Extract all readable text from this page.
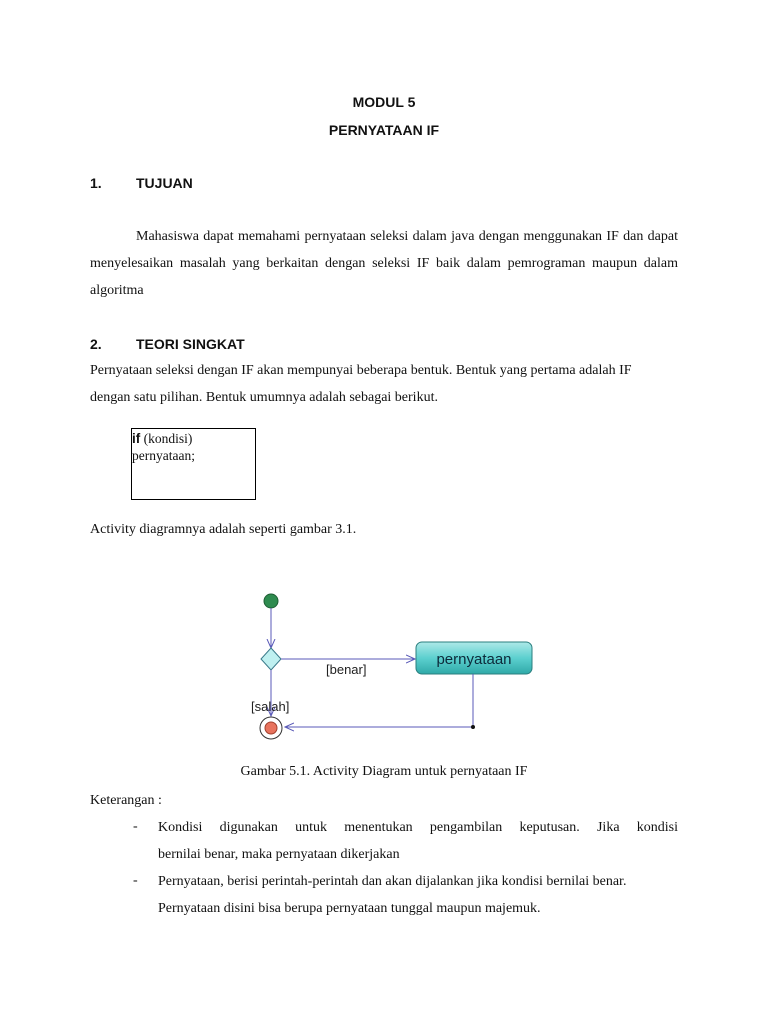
MODUL 5
PERNYATAAN IF
1. TUJUAN
Mahasiswa dapat memahami pernyataan seleksi dalam java dengan menggunakan IF dan dapat menyelesaikan masalah yang berkaitan dengan seleksi IF baik dalam pemrograman maupun dalam algoritma
2. TEORI SINGKAT
Pernyataan seleksi dengan IF akan mempunyai beberapa bentuk. Bentuk yang pertama adalah IF
dengan satu pilihan. Bentuk umumnya adalah sebagai berikut.
if (kondisi)
pernyataan;
Activity diagramnya adalah seperti gambar 3.1.
[benar]
pernyataan
[salah]
Gambar 5.1. Activity Diagram untuk pernyataan IF
Keterangan :
- Kondisi digunakan untuk menentukan pengambilan keputusan. Jika kondisi
bernilai benar, maka pernyataan dikerjakan
- Pernyataan, berisi perintah-perintah dan akan dijalankan jika kondisi bernilai benar.
Pernyataan disini bisa berupa pernyataan tunggal maupun majemuk.
